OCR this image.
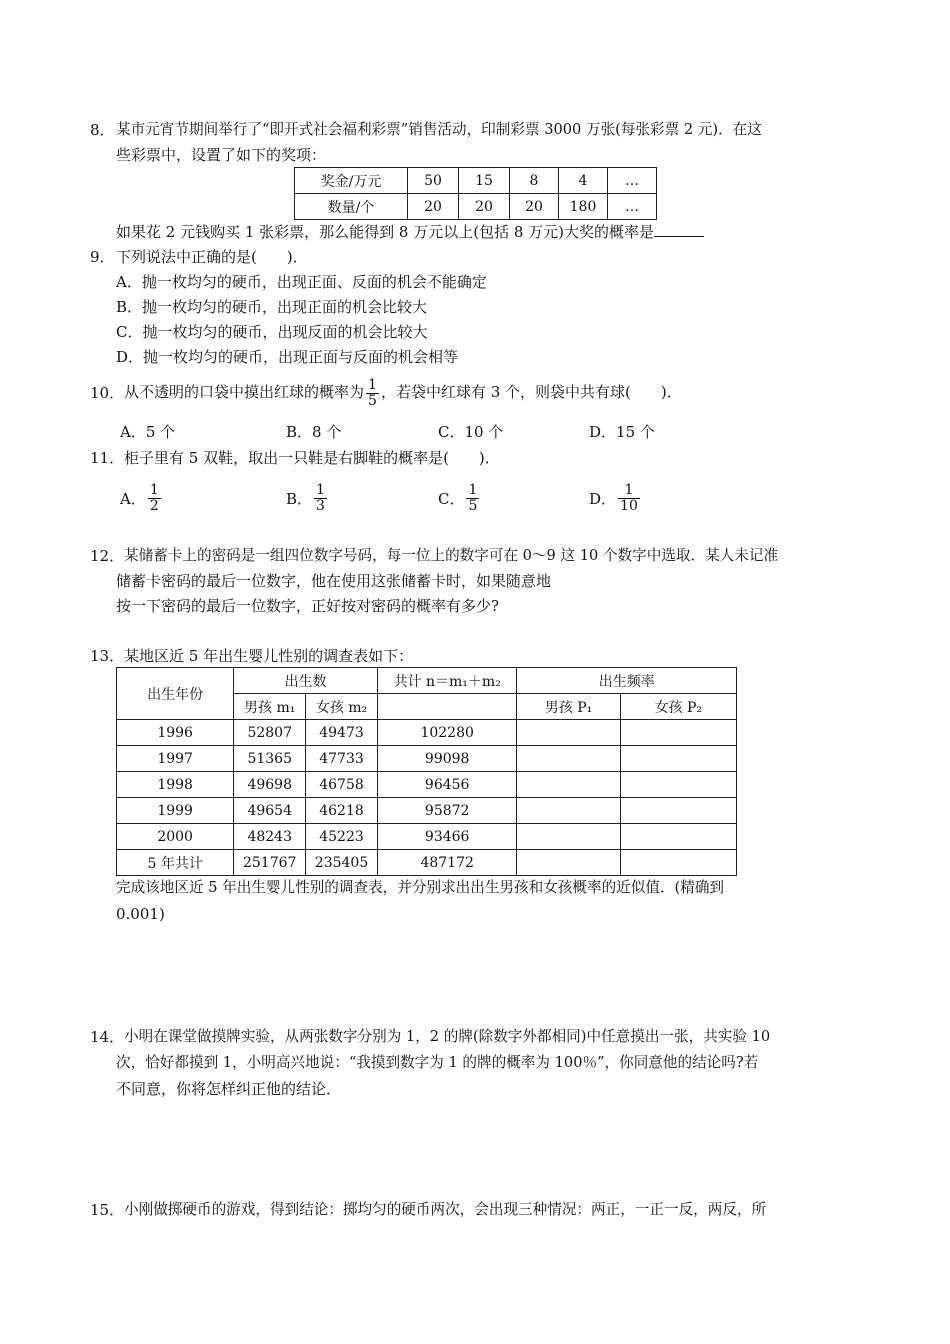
8． 某市元宵节期间举行了“即开式社会福利彩票”销售活动，印制彩票 3000 万张(每张彩票 2 元)．在这
些彩票中，设置了如下的奖项：
奖金/万元	50	15	8	4	…
数量/个	20	20	20	180	…
如果花 2 元钱购买 1 张彩票，那么能得到 8 万元以上(包括 8 万元)大奖的概率是
9． 下列说法中正确的是(　　)．
A．抛一枚均匀的硬币，出现正面、反面的机会不能确定
B．抛一枚均匀的硬币，出现正面的机会比较大
C．抛一枚均匀的硬币，出现反面的机会比较大
D．抛一枚均匀的硬币，出现正面与反面的机会相等
10． 从不透明的口袋中摸出红球的概率为 $\frac{1}{5}$ ，若袋中红球有 3 个，则袋中共有球(　　)．
A．5 个	B．8 个	C．10 个	D．15 个
11． 柜子里有 5 双鞋，取出一只鞋是右脚鞋的概率是(　　)．
A． $\frac{1}{2}$	B． $\frac{1}{3}$	C． $\frac{1}{5}$	D． $\frac{1}{10}$
12． 某储蓄卡上的密码是一组四位数字号码，每一位上的数字可在 0～9 这 10 个数字中选取．某人未记准
储蓄卡密码的最后一位数字，他在使用这张储蓄卡时，如果随意地
按一下密码的最后一位数字，正好按对密码的概率有多少?
13． 某地区近 5 年出生婴儿性别的调查表如下：
出生年份	出生数		共计 n＝m₁＋m₂	出生频率	
	男孩 m₁	女孩 m₂		男孩 P₁	女孩 P₂
1996	52807	49473	102280		
1997	51365	47733	99098		
1998	49698	46758	96456		
1999	49654	46218	95872		
2000	48243	45223	93466		
5 年共计	251767	235405	487172		
完成该地区近 5 年出生婴儿性别的调查表，并分别求出出生男孩和女孩概率的近似值．(精确到
0.001)
14． 小明在课堂做摸牌实验，从两张数字分别为 1，2 的牌(除数字外都相同)中任意摸出一张，共实验 10
次，恰好都摸到 1，小明高兴地说：“我摸到数字为 1 的牌的概率为 100％”，你同意他的结论吗?若
不同意，你将怎样纠正他的结论．
15． 小刚做掷硬币的游戏，得到结论：掷均匀的硬币两次，会出现三种情况：两正，一正一反，两反，所
